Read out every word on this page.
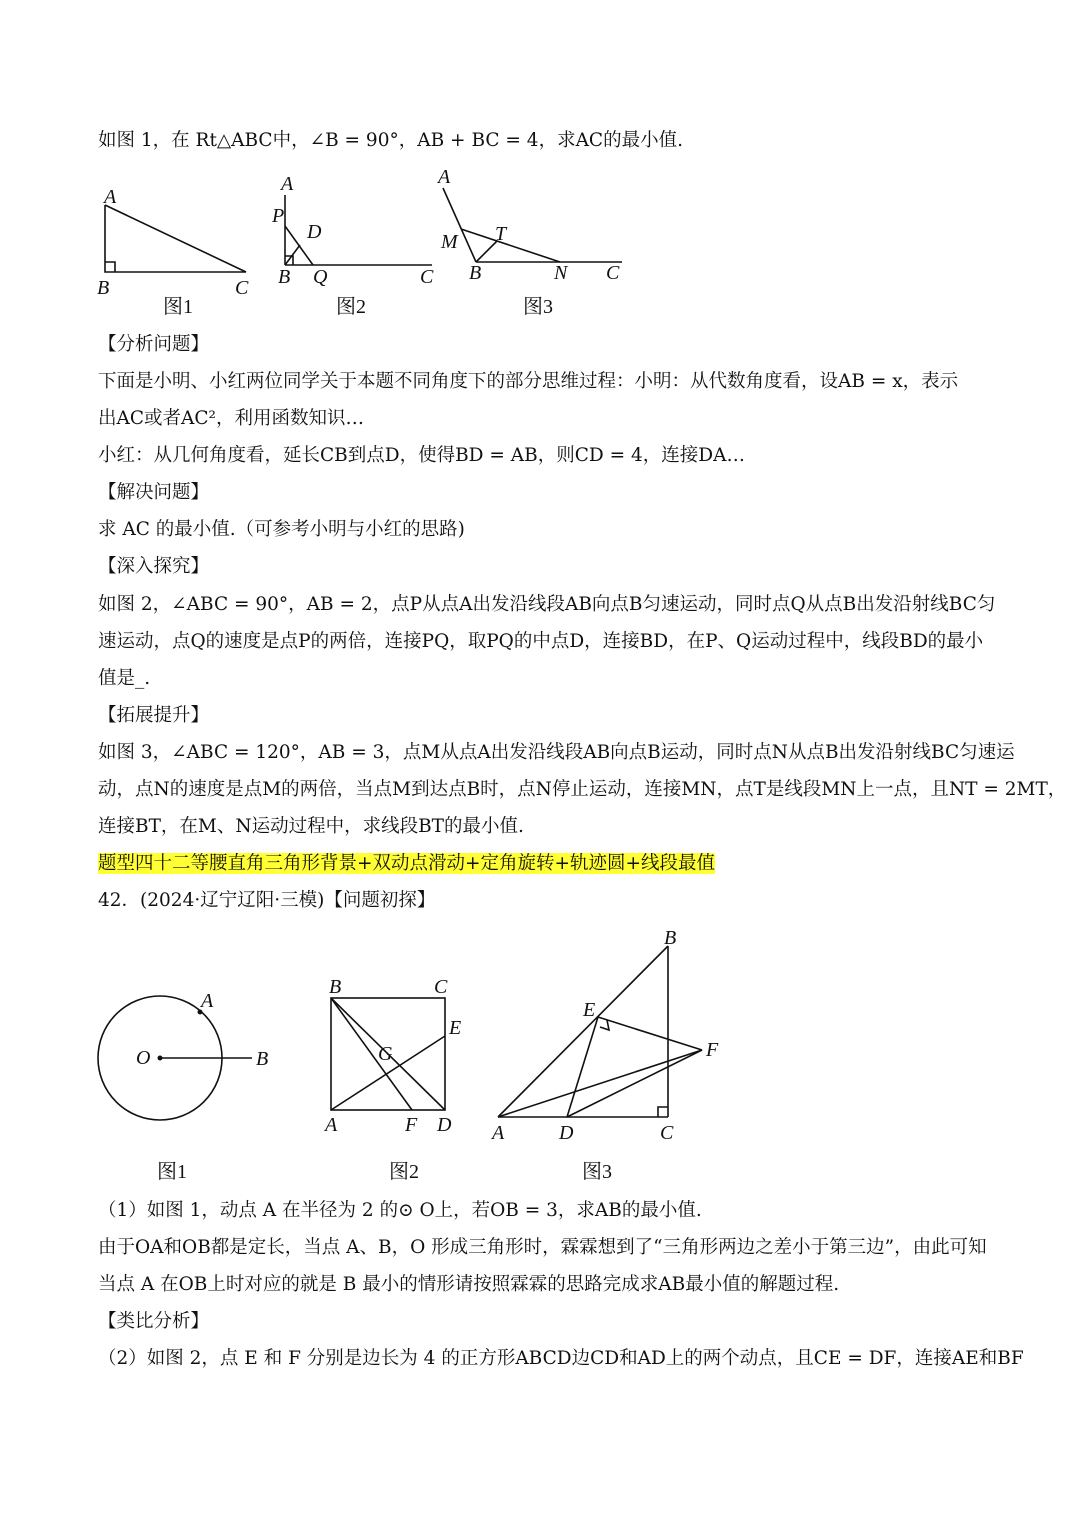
如图 1，在 Rt△ABC中，∠B = 90°，AB + BC = 4，求AC的最小值.
A
B	C
图1
A
P
D
B Q	C
图2
A
M T
B	N C
图3
【分析问题】
下面是小明、小红两位同学关于本题不同角度下的部分思维过程：小明：从代数角度看，设AB = x，表示
出AC或者AC²，利用函数知识…
小红：从几何角度看，延长CB到点D，使得BD = AB，则CD = 4，连接DA…
【解决问题】
求 AC 的最小值.（可参考小明与小红的思路)
【深入探究】
如图 2，∠ABC = 90°，AB = 2，点P从点A出发沿线段AB向点B匀速运动，同时点Q从点B出发沿射线BC匀
速运动，点Q的速度是点P的两倍，连接PQ，取PQ的中点D，连接BD，在P、Q运动过程中，线段BD的最小
值是_.
【拓展提升】
如图 3，∠ABC = 120°，AB = 3，点M从点A出发沿线段AB向点B运动，同时点N从点B出发沿射线BC匀速运
动，点N的速度是点M的两倍，当点M到达点B时，点N停止运动，连接MN，点T是线段MN上一点，且NT = 2MT，
连接BT，在M、N运动过程中，求线段BT的最小值.
题型四十二等腰直角三角形背景+双动点滑动+定角旋转+轨迹圆+线段最值
42．(2024·辽宁辽阳·三模)【问题初探】
O
A
B
图1
B	C
E
G
A	F D
图2
B
E
F
A	D	C
图3
（1）如图 1，动点 A 在半径为 2 的⊙ O上，若OB = 3，求AB的最小值.
由于OA和OB都是定长，当点 A、B，O 形成三角形时，霖霖想到了“三角形两边之差小于第三边”，由此可知
当点 A 在OB上时对应的就是 B 最小的情形请按照霖霖的思路完成求AB最小值的解题过程.
【类比分析】
（2）如图 2，点 E 和 F 分别是边长为 4 的正方形ABCD边CD和AD上的两个动点，且CE = DF，连接AE和BF
